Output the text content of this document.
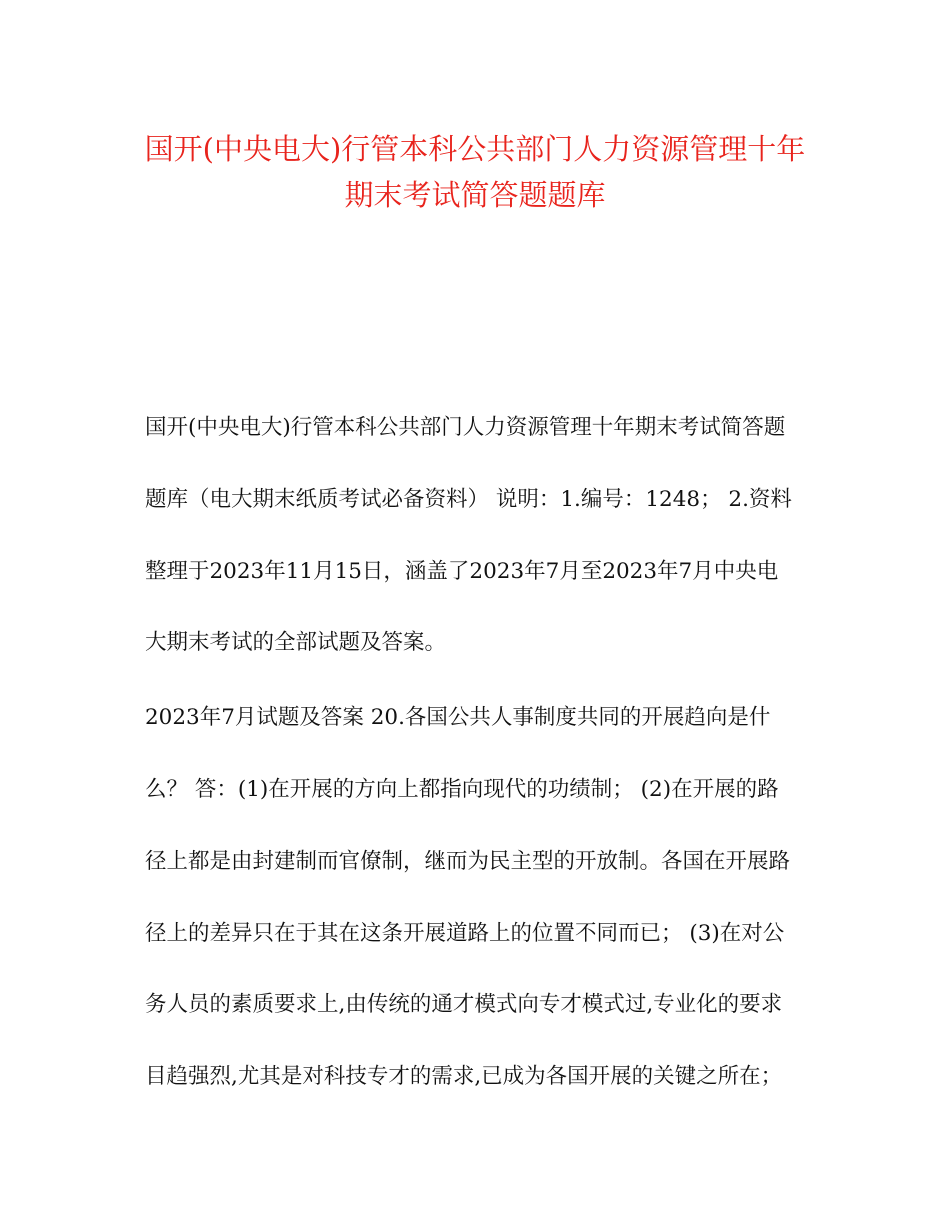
国开(中央电大)行管本科公共部门人力资源管理十年
期末考试简答题题库
国开(中央电大)行管本科公共部门人力资源管理十年期末考试简答题
题库（电大期末纸质考试必备资料） 说明：1.编号：1248； 2.资料
整理于2023年11月15日，涵盖了2023年7月至2023年7月中央电
大期末考试的全部试题及答案。
2023年7月试题及答案 20.各国公共人事制度共同的开展趋向是什
么？ 答：(1)在开展的方向上都指向现代的功绩制； (2)在开展的路
径上都是由封建制而官僚制，继而为民主型的开放制。各国在开展路
径上的差异只在于其在这条开展道路上的位置不同而已； (3)在对公
务人员的素质要求上,由传统的通才模式向专才模式过,专业化的要求
目趋强烈,尤其是对科技专才的需求,已成为各国开展的关键之所在；
